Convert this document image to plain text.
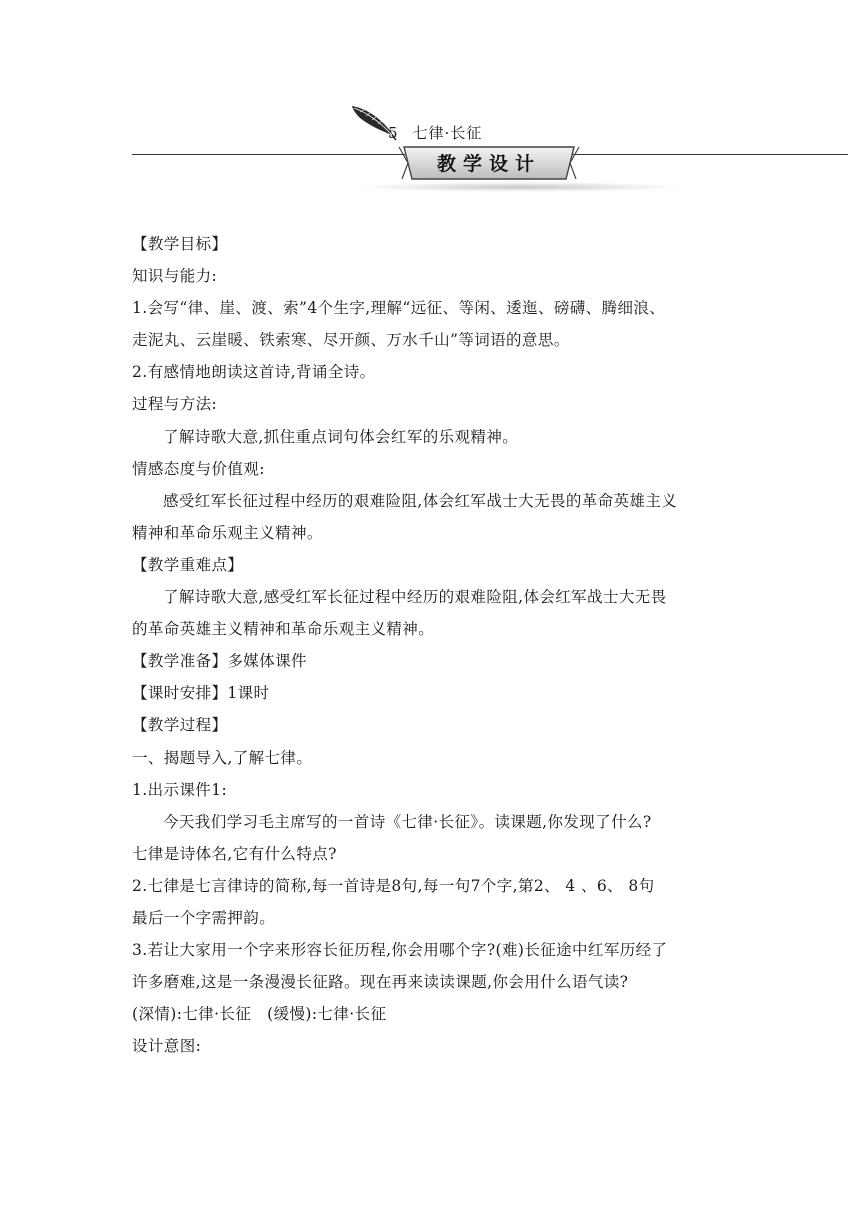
5 七律·长征
教学设计
【教学目标】
知识与能力:
1.会写“律、崖、渡、索”4个生字,理解“远征、等闲、逶迤、磅礴、腾细浪、
走泥丸、云崖暖、铁索寒、尽开颜、万水千山”等词语的意思。
2.有感情地朗读这首诗,背诵全诗。
过程与方法:
了解诗歌大意,抓住重点词句体会红军的乐观精神。
情感态度与价值观:
感受红军长征过程中经历的艰难险阻,体会红军战士大无畏的革命英雄主义
精神和革命乐观主义精神。
【教学重难点】
了解诗歌大意,感受红军长征过程中经历的艰难险阻,体会红军战士大无畏
的革命英雄主义精神和革命乐观主义精神。
【教学准备】多媒体课件
【课时安排】1课时
【教学过程】
一、揭题导入,了解七律。
1.出示课件1:
今天我们学习毛主席写的一首诗《七律·长征》。读课题,你发现了什么?
七律是诗体名,它有什么特点?
2.七律是七言律诗的简称,每一首诗是8句,每一句7个字,第2、 4 、6、 8句
最后一个字需押韵。
3.若让大家用一个字来形容长征历程,你会用哪个字?(难)长征途中红军历经了
许多磨难,这是一条漫漫长征路。现在再来读读课题,你会用什么语气读?
(深情):七律·长征　(缓慢):七律·长征
设计意图:
